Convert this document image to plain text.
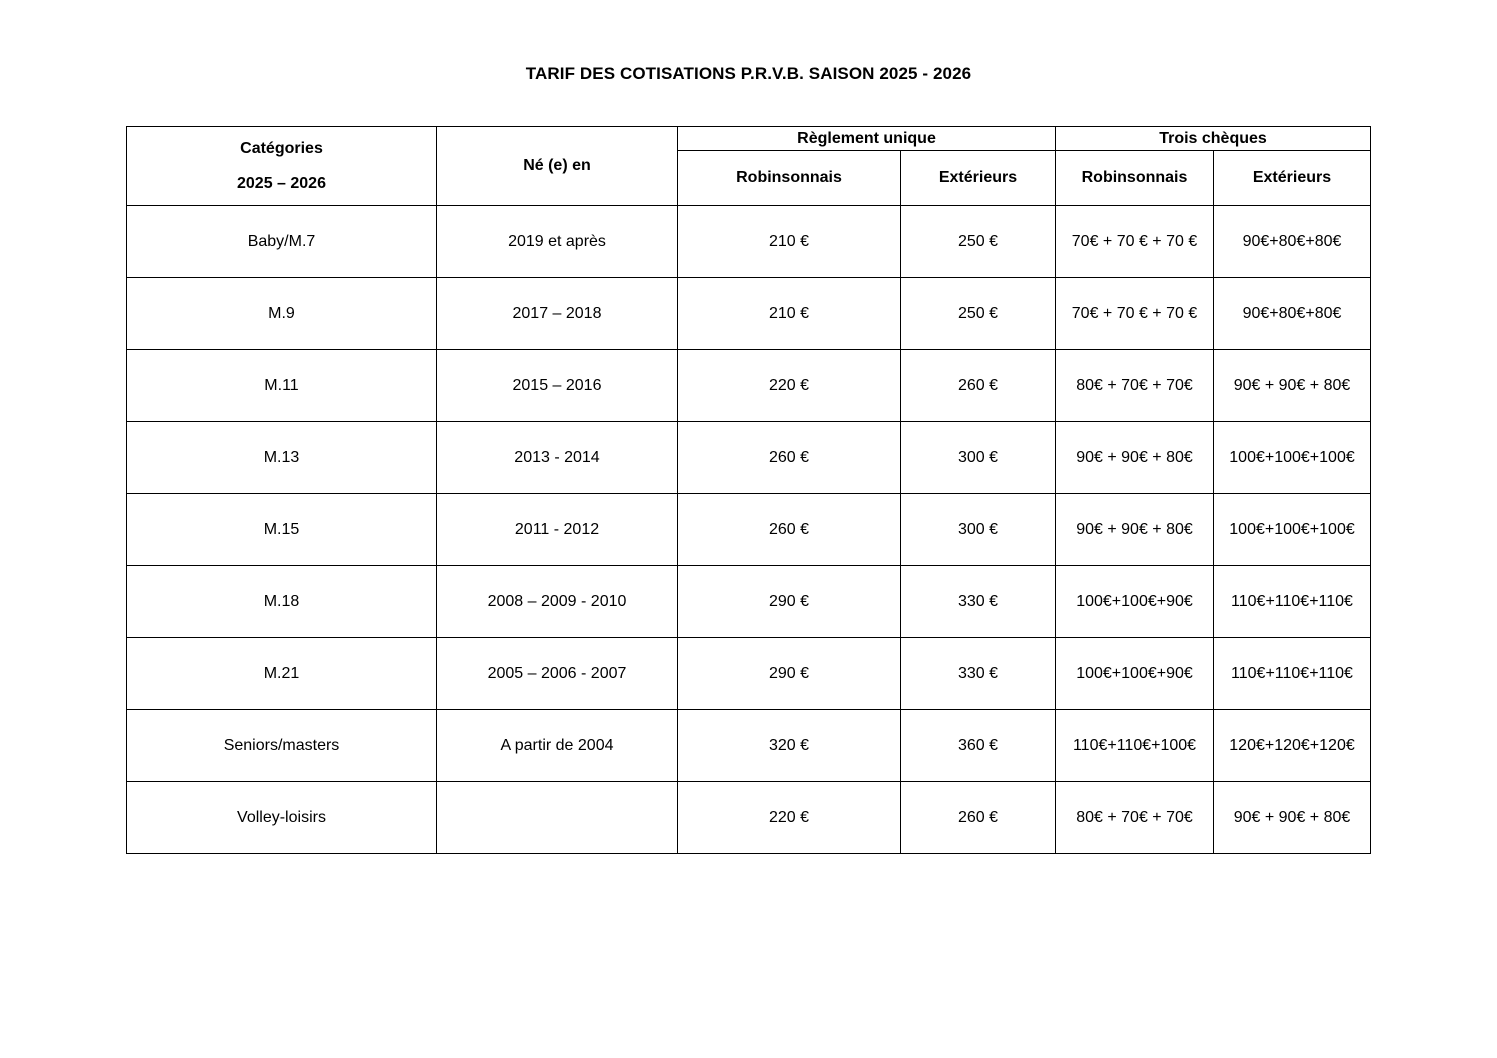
TARIF DES COTISATIONS P.R.V.B. SAISON 2025 - 2026
Catégories
2025 – 2026	Né (e) en	Règlement unique		Trois chèques	
		Robinsonnais	Extérieurs	Robinsonnais	Extérieurs
Baby/M.7	2019 et après	210 €	250 €	70€ + 70 € + 70 €	90€+80€+80€
M.9	2017 – 2018	210 €	250 €	70€ + 70 € + 70 €	90€+80€+80€
M.11	2015 – 2016	220 €	260 €	80€ + 70€ + 70€	90€ + 90€ + 80€
M.13	2013 - 2014	260 €	300 €	90€ + 90€ + 80€	100€+100€+100€
M.15	2011 - 2012	260 €	300 €	90€ + 90€ + 80€	100€+100€+100€
M.18	2008 – 2009 - 2010	290 €	330 €	100€+100€+90€	110€+110€+110€
M.21	2005 – 2006 - 2007	290 €	330 €	100€+100€+90€	110€+110€+110€
Seniors/masters	A partir de 2004	320 €	360 €	110€+110€+100€	120€+120€+120€
Volley-loisirs		220 €	260 €	80€ + 70€ + 70€	90€ + 90€ + 80€
